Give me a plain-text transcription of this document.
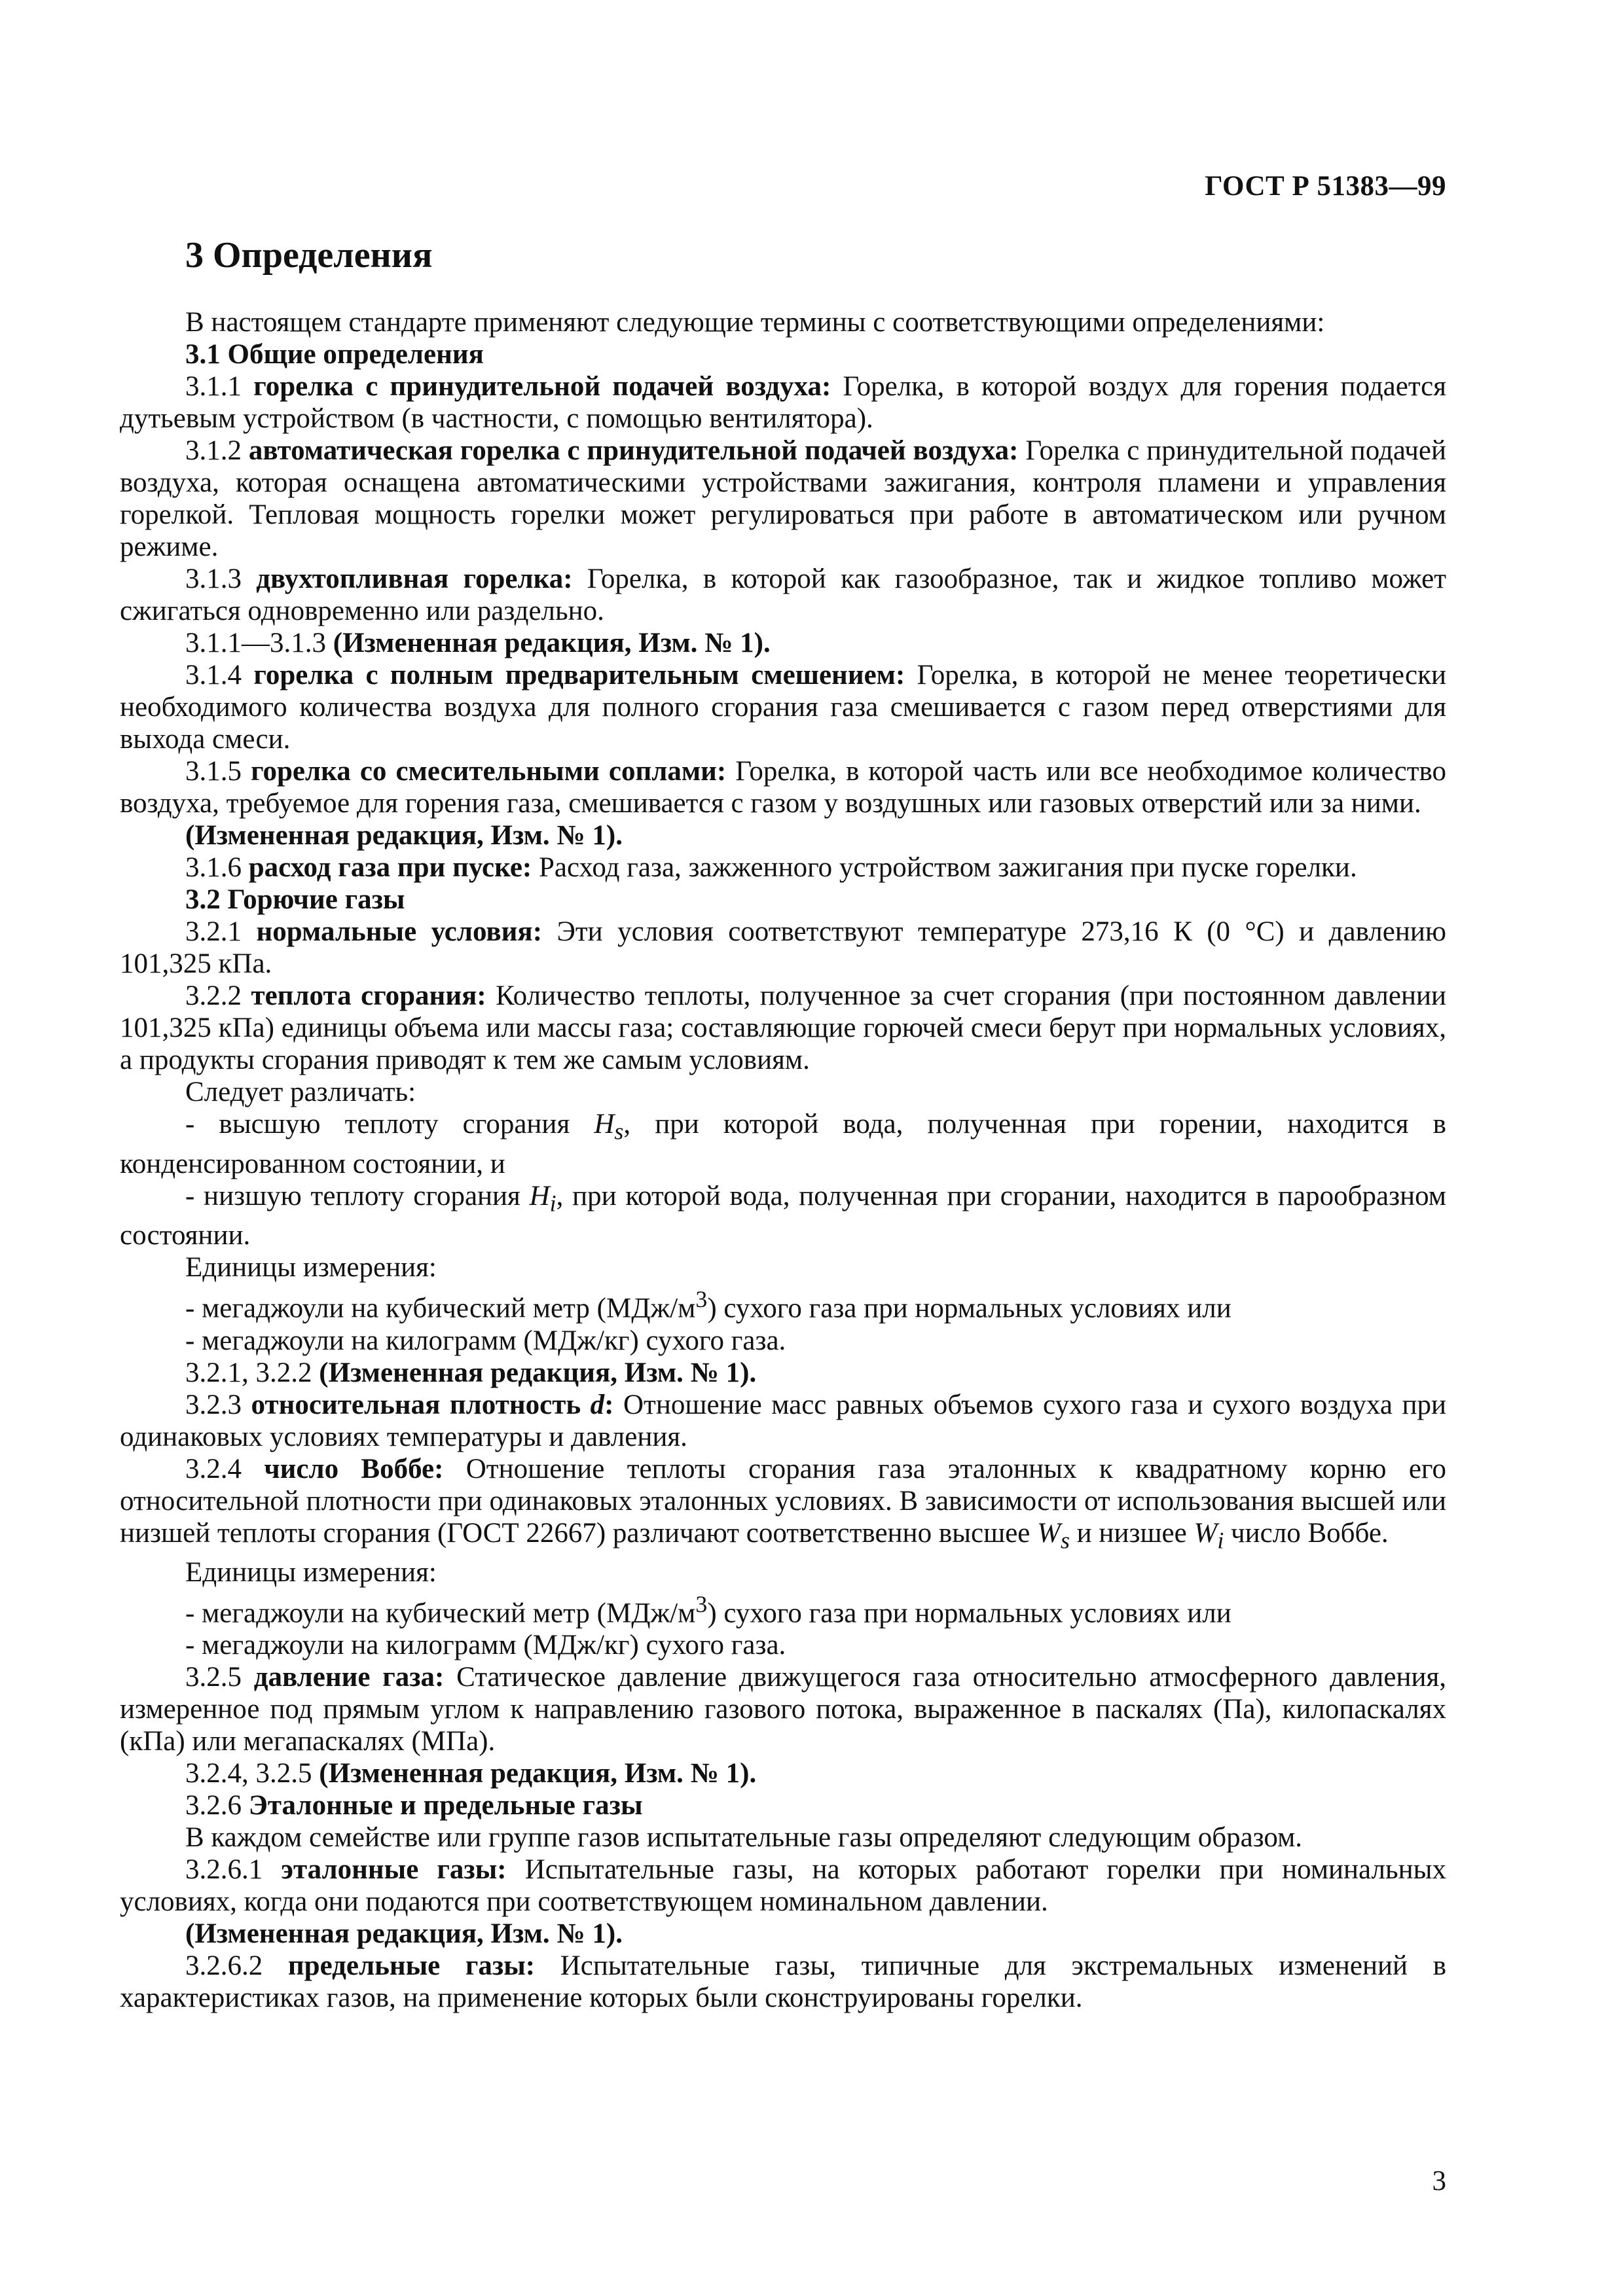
ГОСТ Р 51383—99
3 Определения

В настоящем стандарте применяют следующие термины с соответствующими определениями:

3.1 Общие определения

3.1.1 горелка с принудительной подачей воздуха: Горелка, в которой воздух для горения подается дутьевым устройством (в частности, с помощью вентилятора).

3.1.2 автоматическая горелка с принудительной подачей воздуха: Горелка с принудительной подачей воздуха, которая оснащена автоматическими устройствами зажигания, контроля пламени и управления горелкой. Тепловая мощность горелки может регулироваться при работе в автоматическом или ручном режиме.

3.1.3 двухтопливная горелка: Горелка, в которой как газообразное, так и жидкое топливо может сжигаться одновременно или раздельно.

3.1.1—3.1.3 (Измененная редакция, Изм. № 1).

3.1.4 горелка с полным предварительным смешением: Горелка, в которой не менее теоретически необходимого количества воздуха для полного сгорания газа смешивается с газом перед отверстиями для выхода смеси.

3.1.5 горелка со смесительными соплами: Горелка, в которой часть или все необходимое количество воздуха, требуемое для горения газа, смешивается с газом у воздушных или газовых отверстий или за ними.

(Измененная редакция, Изм. № 1).

3.1.6 расход газа при пуске: Расход газа, зажженного устройством зажигания при пуске горелки.

3.2 Горючие газы

3.2.1 нормальные условия: Эти условия соответствуют температуре 273,16 К (0 °С) и давлению 101,325 кПа.

3.2.2 теплота сгорания: Количество теплоты, полученное за счет сгорания (при постоянном давлении 101,325 кПа) единицы объема или массы газа; составляющие горючей смеси берут при нормальных условиях, а продукты сгорания приводят к тем же самым условиям.

Следует различать:

- высшую теплоту сгорания $H_s$, при которой вода, полученная при горении, находится в конденсированном состоянии, и

- низшую теплоту сгорания $H_i$, при которой вода, полученная при сгорании, находится в парообразном состоянии.

Единицы измерения:

- мегаджоули на кубический метр $(МДж/м^3)$ сухого газа при нормальных условиях или

- мегаджоули на килограмм (МДж/кг) сухого газа.

3.2.1, 3.2.2 (Измененная редакция, Изм. № 1).

3.2.3 относительная плотность d: Отношение масс равных объемов сухого газа и сухого воздуха при одинаковых условиях температуры и давления.

3.2.4 число Воббе: Отношение теплоты сгорания газа эталонных к квадратному корню его относительной плотности при одинаковых эталонных условиях. В зависимости от использования высшей или низшей теплоты сгорания (ГОСТ 22667) различают соответственно высшее $W_s$ и низшее $W_i$ число Воббе.

Единицы измерения:

- мегаджоули на кубический метр $(МДж/м^3)$ сухого газа при нормальных условиях или

- мегаджоули на килограмм (МДж/кг) сухого газа.

3.2.5 давление газа: Статическое давление движущегося газа относительно атмосферного давления, измеренное под прямым углом к направлению газового потока, выраженное в паскалях (Па), килопаскалях (кПа) или мегапаскалях (МПа).

3.2.4, 3.2.5 (Измененная редакция, Изм. № 1).

3.2.6 Эталонные и предельные газы

В каждом семействе или группе газов испытательные газы определяют следующим образом.

3.2.6.1 эталонные газы: Испытательные газы, на которых работают горелки при номинальных условиях, когда они подаются при соответствующем номинальном давлении.

(Измененная редакция, Изм. № 1).

3.2.6.2 предельные газы: Испытательные газы, типичные для экстремальных изменений в характеристиках газов, на применение которых были сконструированы горелки.

3
